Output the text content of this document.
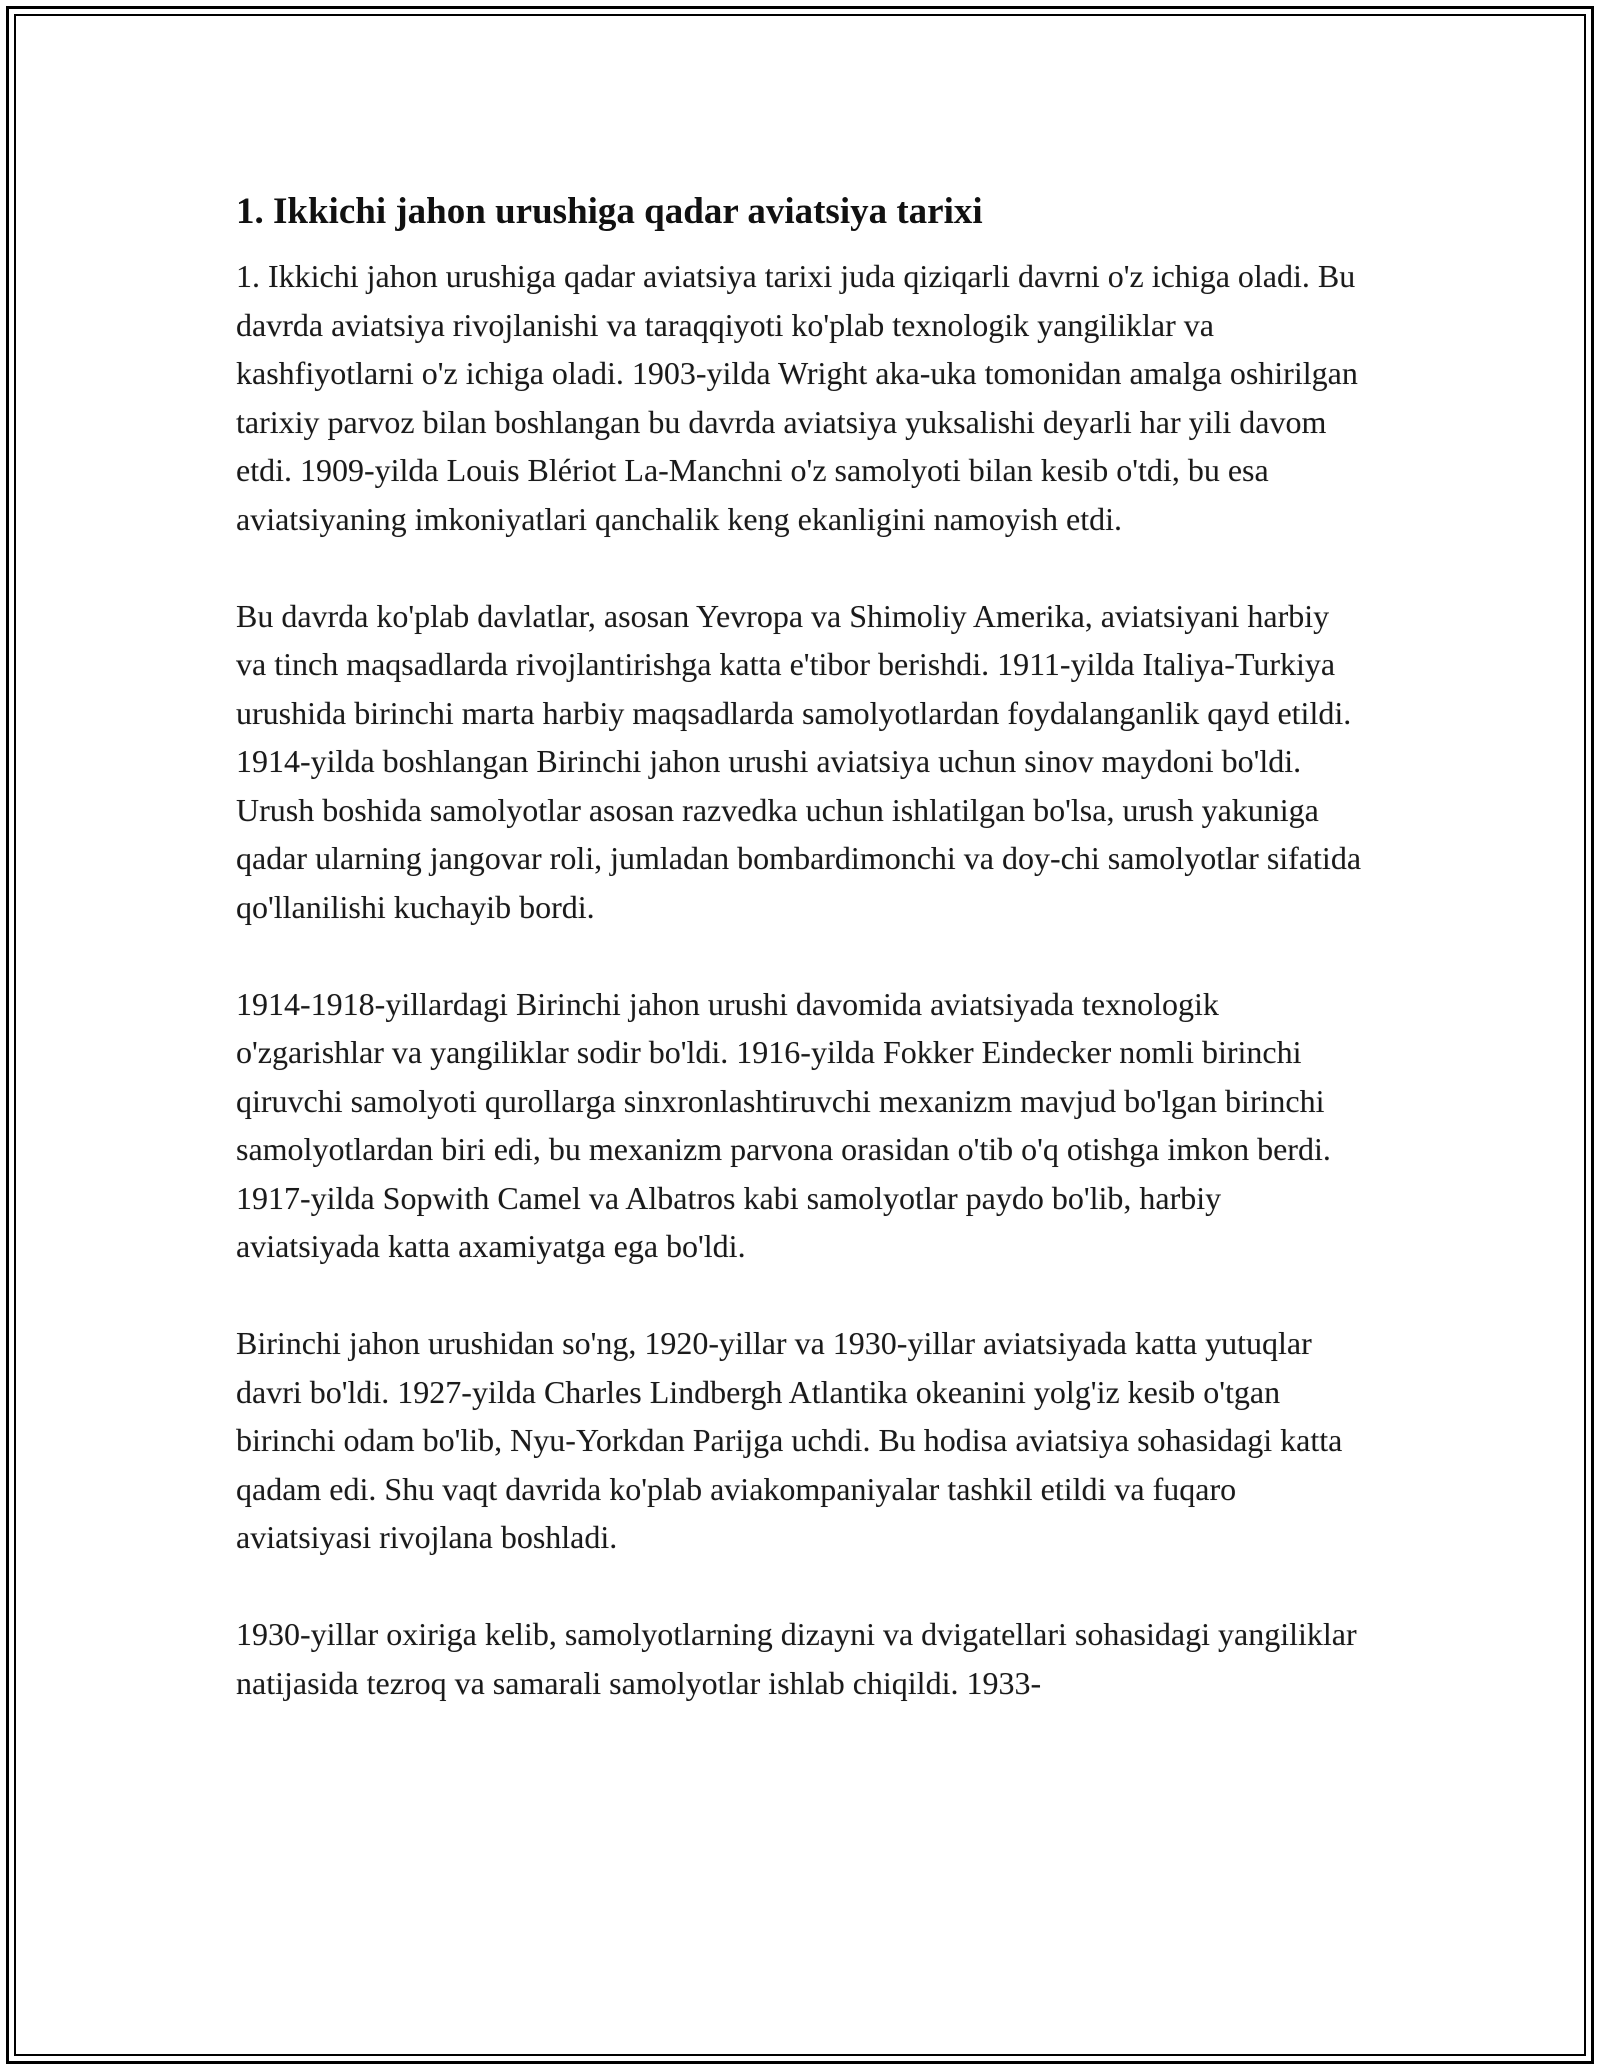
1. Ikkichi jahon urushiga qadar aviatsiya tarixi

1. Ikkichi jahon urushiga qadar aviatsiya tarixi juda qiziqarli davrni o'z ichiga oladi. Bu davrda aviatsiya rivojlanishi va taraqqiyoti ko'plab texnologik yangiliklar va kashfiyotlarni o'z ichiga oladi. 1903-yilda Wright aka-uka tomonidan amalga oshirilgan tarixiy parvoz bilan boshlangan bu davrda aviatsiya yuksalishi deyarli har yili davom etdi. 1909-yilda Louis Blériot La-Manchni o'z samolyoti bilan kesib o'tdi, bu esa aviatsiyaning imkoniyatlari qanchalik keng ekanligini namoyish etdi.

Bu davrda ko'plab davlatlar, asosan Yevropa va Shimoliy Amerika, aviatsiyani harbiy va tinch maqsadlarda rivojlantirishga katta e'tibor berishdi. 1911-yilda Italiya-Turkiya urushida birinchi marta harbiy maqsadlarda samolyotlardan foydalanganlik qayd etildi. 1914-yilda boshlangan Birinchi jahon urushi aviatsiya uchun sinov maydoni bo'ldi. Urush boshida samolyotlar asosan razvedka uchun ishlatilgan bo'lsa, urush yakuniga qadar ularning jangovar roli, jumladan bombardimonchi va doy-chi samolyotlar sifatida qo'llanilishi kuchayib bordi.

1914-1918-yillardagi Birinchi jahon urushi davomida aviatsiyada texnologik o'zgarishlar va yangiliklar sodir bo'ldi. 1916-yilda Fokker Eindecker nomli birinchi qiruvchi samolyoti qurollarga sinxronlashtiruvchi mexanizm mavjud bo'lgan birinchi samolyotlardan biri edi, bu mexanizm parvona orasidan o'tib o'q otishga imkon berdi. 1917-yilda Sopwith Camel va Albatros kabi samolyotlar paydo bo'lib, harbiy aviatsiyada katta axamiyatga ega bo'ldi.

Birinchi jahon urushidan so'ng, 1920-yillar va 1930-yillar aviatsiyada katta yutuqlar davri bo'ldi. 1927-yilda Charles Lindbergh Atlantika okeanini yolg'iz kesib o'tgan birinchi odam bo'lib, Nyu-Yorkdan Parijga uchdi. Bu hodisa aviatsiya sohasidagi katta qadam edi. Shu vaqt davrida ko'plab aviakompaniyalar tashkil etildi va fuqaro aviatsiyasi rivojlana boshladi.

1930-yillar oxiriga kelib, samolyotlarning dizayni va dvigatellari sohasidagi yangiliklar natijasida tezroq va samarali samolyotlar ishlab chiqildi. 1933-
